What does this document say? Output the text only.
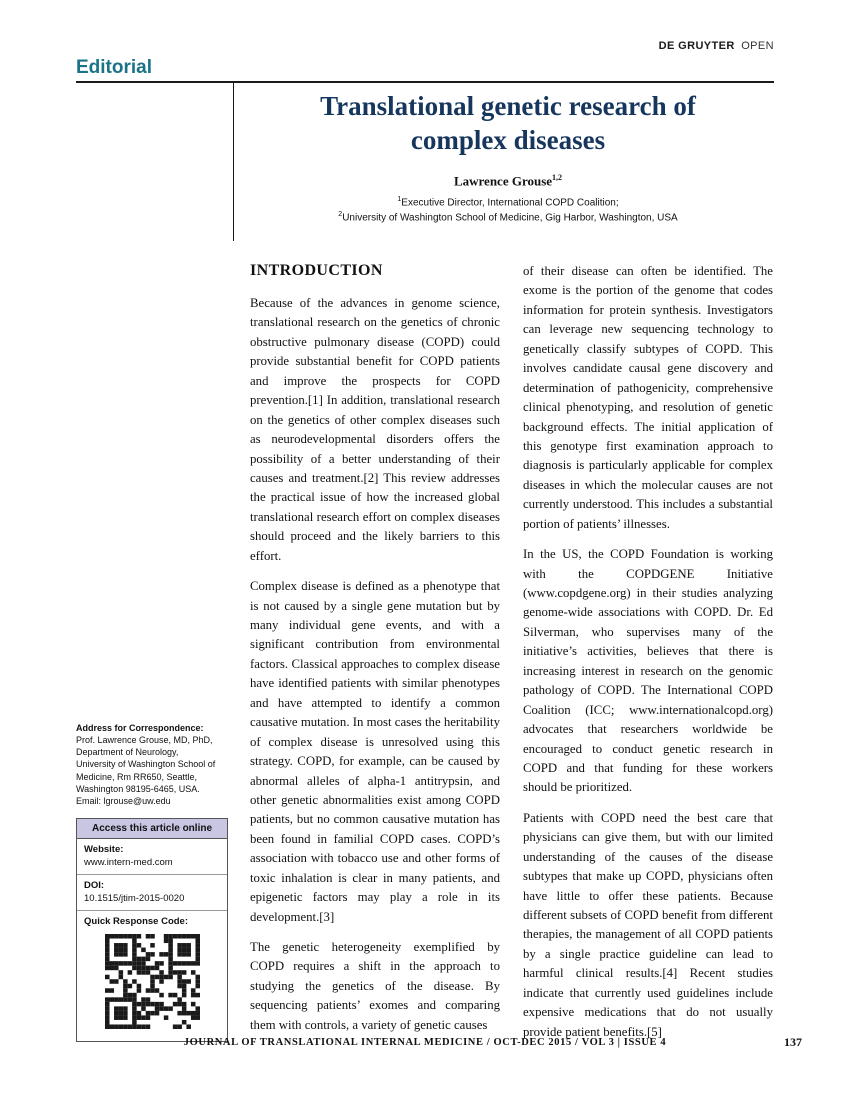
DE GRUYTER OPEN
Editorial
Translational genetic research of
complex diseases
Lawrence Grouse$^{1,2}$
$^1$Executive Director, International COPD Coalition;
$^2$University of Washington School of Medicine, Gig Harbor, Washington, USA
INTRODUCTION

Because of the advances in genome science, translational research on the genetics of chronic obstructive pulmonary disease (COPD) could provide substantial benefit for COPD patients and improve the prospects for COPD prevention.[1] In addition, translational research on the genetics of other complex diseases such as neurodevelopmental disorders offers the possibility of a better understanding of their causes and treatment.[2] This review addresses the practical issue of how the increased global translational research effort on complex diseases should proceed and the likely barriers to this effort.

Complex disease is defined as a phenotype that is not caused by a single gene mutation but by many individual gene events, and with a significant contribution from environmental factors. Classical approaches to complex disease have identified patients with similar phenotypes and have attempted to identify a common causative mutation. In most cases the heritability of complex disease is unresolved using this strategy. COPD, for example, can be caused by abnormal alleles of alpha-1 antitrypsin, and other genetic abnormalities exist among COPD patients, but no common causative mutation has been found in familial COPD cases. COPD’s association with tobacco use and other forms of toxic inhalation is clear in many patients, and epigenetic factors may play a role in its development.[3]

The genetic heterogeneity exemplified by COPD requires a shift in the approach to studying the genetics of the disease. By sequencing patients’ exomes and comparing them with controls, a variety of genetic causes

of their disease can often be identified. The exome is the portion of the genome that codes information for protein synthesis. Investigators can leverage new sequencing technology to genetically classify subtypes of COPD. This involves candidate causal gene discovery and determination of pathogenicity, comprehensive clinical phenotyping, and resolution of genetic background effects. The initial application of this genotype first examination approach to diagnosis is particularly applicable for complex diseases in which the molecular causes are not currently understood. This includes a substantial portion of patients’ illnesses.

In the US, the COPD Foundation is working with the COPDGENE Initiative (www.copdgene.org) in their studies analyzing genome-wide associations with COPD. Dr. Ed Silverman, who supervises many of the initiative’s activities, believes that there is increasing interest in research on the genomic pathology of COPD. The International COPD Coalition (ICC; www.internationalcopd.org) advocates that researchers worldwide be encouraged to conduct genetic research in COPD and that funding for these workers should be prioritized.

Patients with COPD need the best care that physicians can give them, but with our limited understanding of the causes of the disease subtypes that make up COPD, physicians often have little to offer these patients. Because different subsets of COPD benefit from different therapies, the management of all COPD patients by a single practice guideline can lead to harmful clinical results.[4] Recent studies indicate that currently used guidelines include expensive medications that do not usually provide patient benefits.[5]

Address for Correspondence:
Prof. Lawrence Grouse, MD, PhD,
Department of Neurology,
University of Washington School of
Medicine, Rm RR650, Seattle,
Washington 98195-6465, USA.
Email: lgrouse@uw.edu
Access this article online
Website:
www.intern-med.com
DOI:
10.1515/jtim-2015-0020
Quick Response Code:
JOURNAL OF TRANSLATIONAL INTERNAL MEDICINE / OCT-DEC 2015 / VOL 3 | ISSUE 4	137
